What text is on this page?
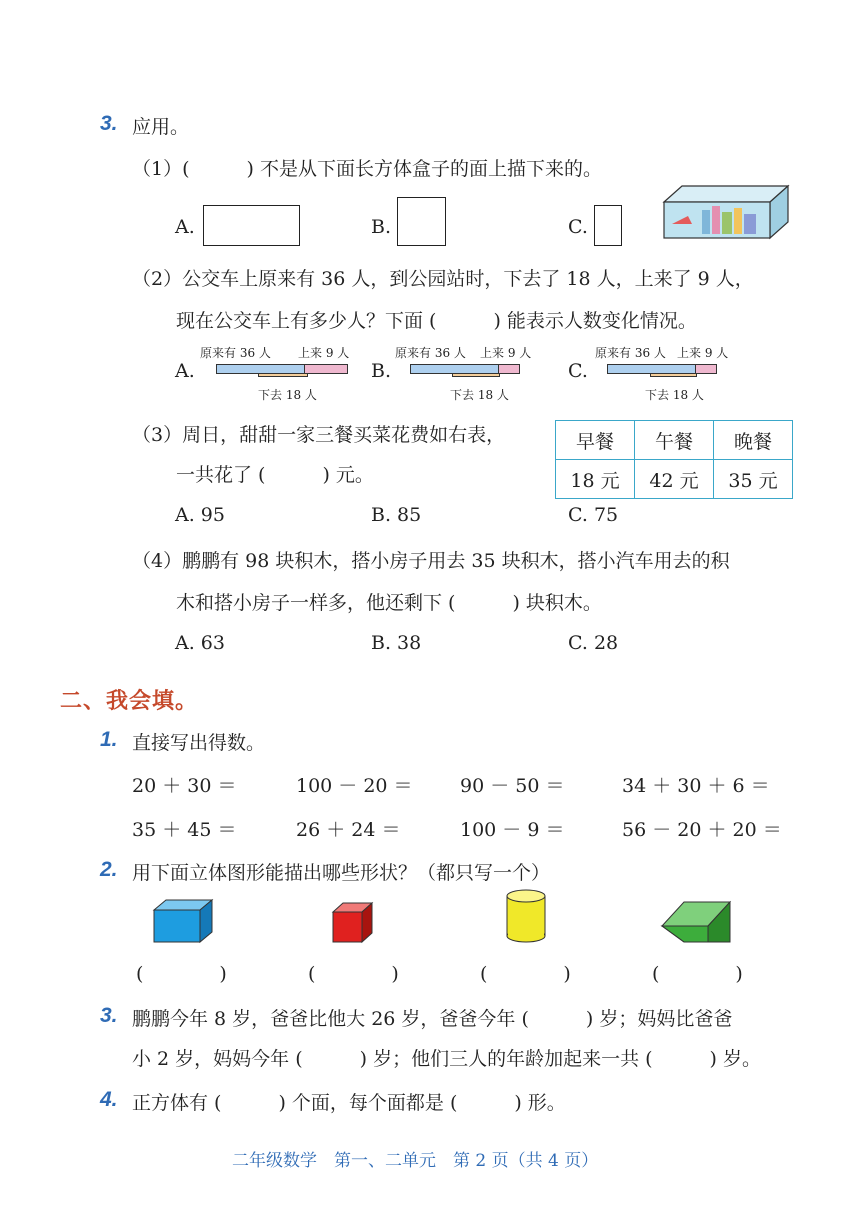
3. 应用。
（1）(　　　) 不是从下面长方体盒子的面上描下来的。
A.	B.	C.
（2）公交车上原来有 36 人，到公园站时，下去了 18 人，上来了 9 人，
现在公交车上有多少人？下面 (　　　) 能表示人数变化情况。
A.
原来有 36 人 上来 9 人
下去 18 人
B.
原来有 36 人 上来 9 人
下去 18 人
C.
原来有 36 人 上来 9 人
下去 18 人
（3）周日，甜甜一家三餐买菜花费如右表，
一共花了 (　　　) 元。
早餐	午餐	晚餐
18 元	42 元	35 元
A. 95	B. 85	C. 75
（4）鹏鹏有 98 块积木，搭小房子用去 35 块积木，搭小汽车用去的积
木和搭小房子一样多，他还剩下 (　　　) 块积木。
A. 63	B. 38	C. 28
二、我会填。
1. 直接写出得数。
20 ＋ 30 ＝	100 － 20 ＝ 90 － 50 ＝	34 ＋ 30 ＋ 6 ＝
35 ＋ 45 ＝	26 ＋ 24 ＝	100 － 9 ＝	56 － 20 ＋ 20 ＝
2. 用下面立体图形能描出哪些形状？（都只写一个）
(　　　　)	(　　　　)	(　　　　)	(　　　　)
3. 鹏鹏今年 8 岁，爸爸比他大 26 岁，爸爸今年 (　　　) 岁；妈妈比爸爸
小 2 岁，妈妈今年 (　　　) 岁；他们三人的年龄加起来一共 (　　　) 岁。
4. 正方体有 (　　　) 个面，每个面都是 (　　　) 形。
二年级数学　第一、二单元　第 2 页（共 4 页）
